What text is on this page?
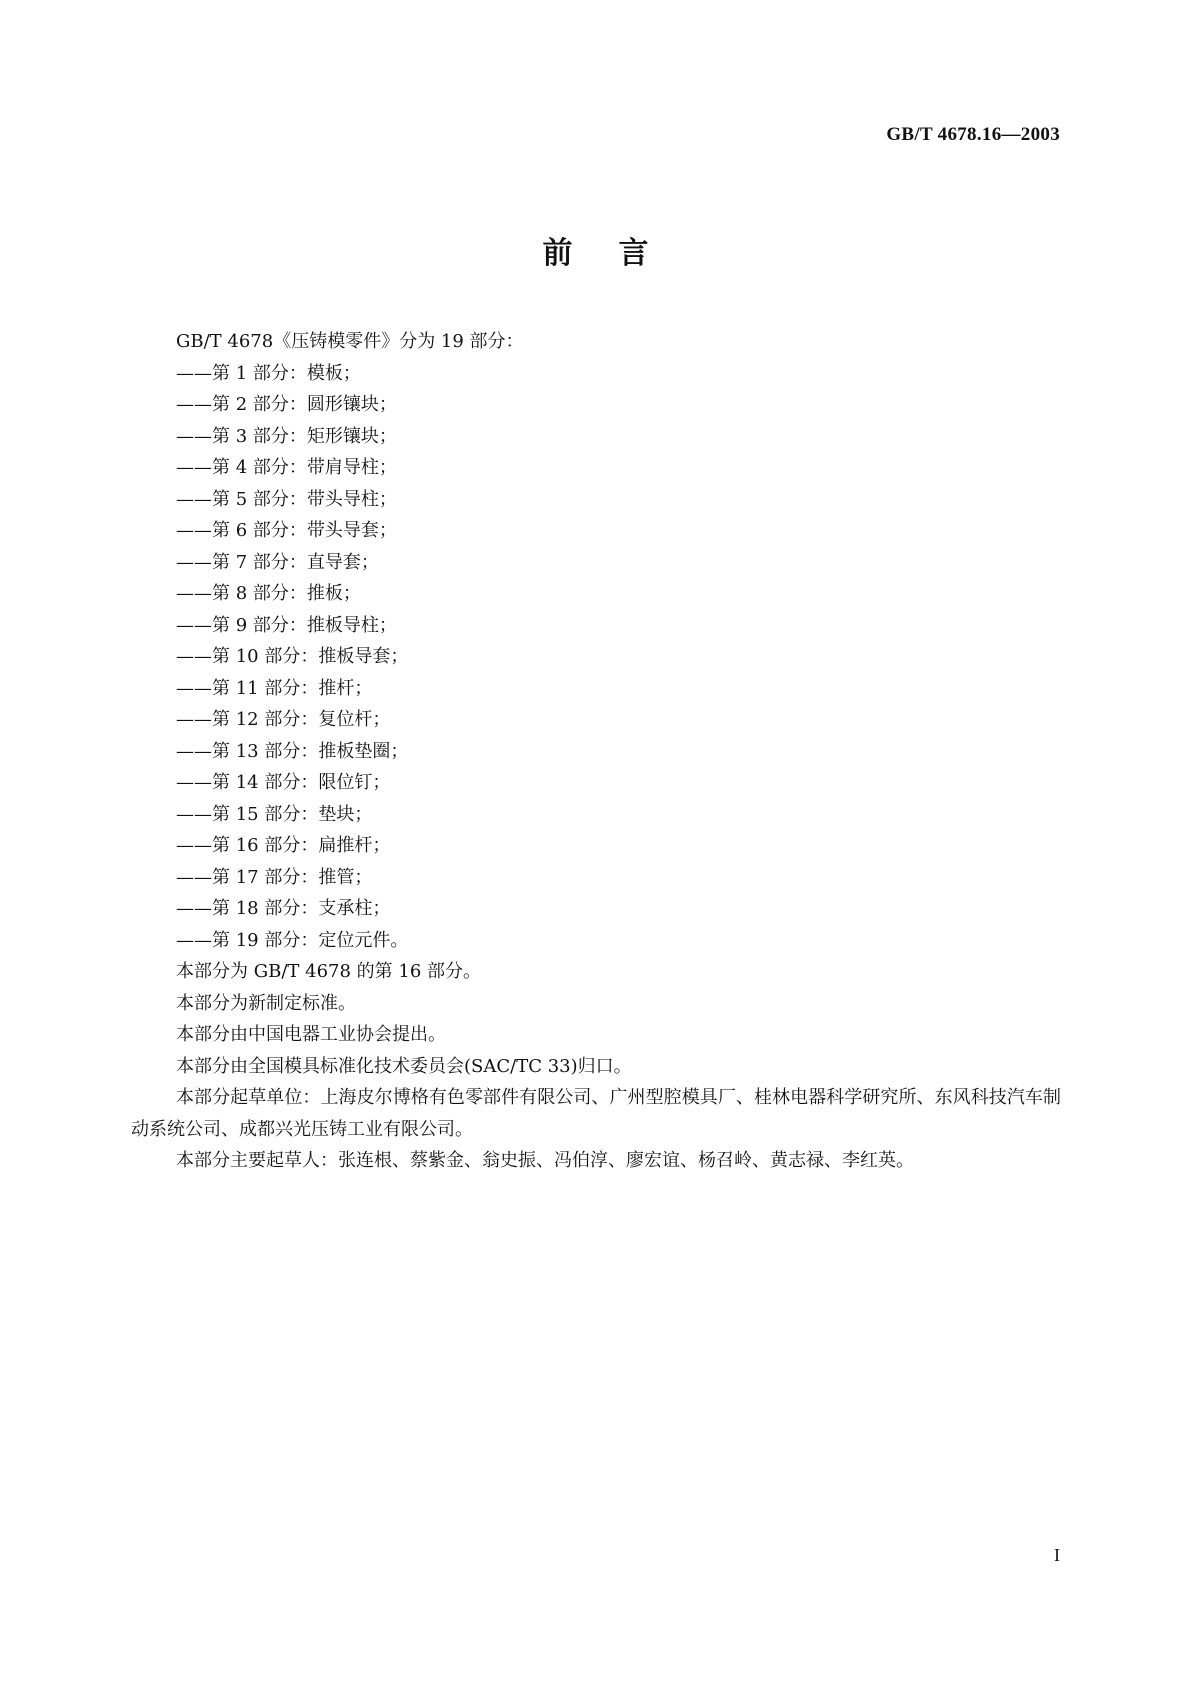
GB/T 4678.16—2003
前言

GB/T 4678《压铸模零件》分为 19 部分：

——第 1 部分：模板；

——第 2 部分：圆形镶块；

——第 3 部分：矩形镶块；

——第 4 部分：带肩导柱；

——第 5 部分：带头导柱；

——第 6 部分：带头导套；

——第 7 部分：直导套；

——第 8 部分：推板；

——第 9 部分：推板导柱；

——第 10 部分：推板导套；

——第 11 部分：推杆；

——第 12 部分：复位杆；

——第 13 部分：推板垫圈；

——第 14 部分：限位钉；

——第 15 部分：垫块；

——第 16 部分：扁推杆；

——第 17 部分：推管；

——第 18 部分：支承柱；

——第 19 部分：定位元件。

本部分为 GB/T 4678 的第 16 部分。

本部分为新制定标准。

本部分由中国电器工业协会提出。

本部分由全国模具标准化技术委员会(SAC/TC 33)归口。

本部分起草单位：上海皮尔博格有色零部件有限公司、广州型腔模具厂、桂林电器科学研究所、东风科技汽车制动系统公司、成都兴光压铸工业有限公司。

本部分主要起草人：张连根、蔡紫金、翁史振、冯伯淳、廖宏谊、杨召岭、黄志禄、李红英。

I
